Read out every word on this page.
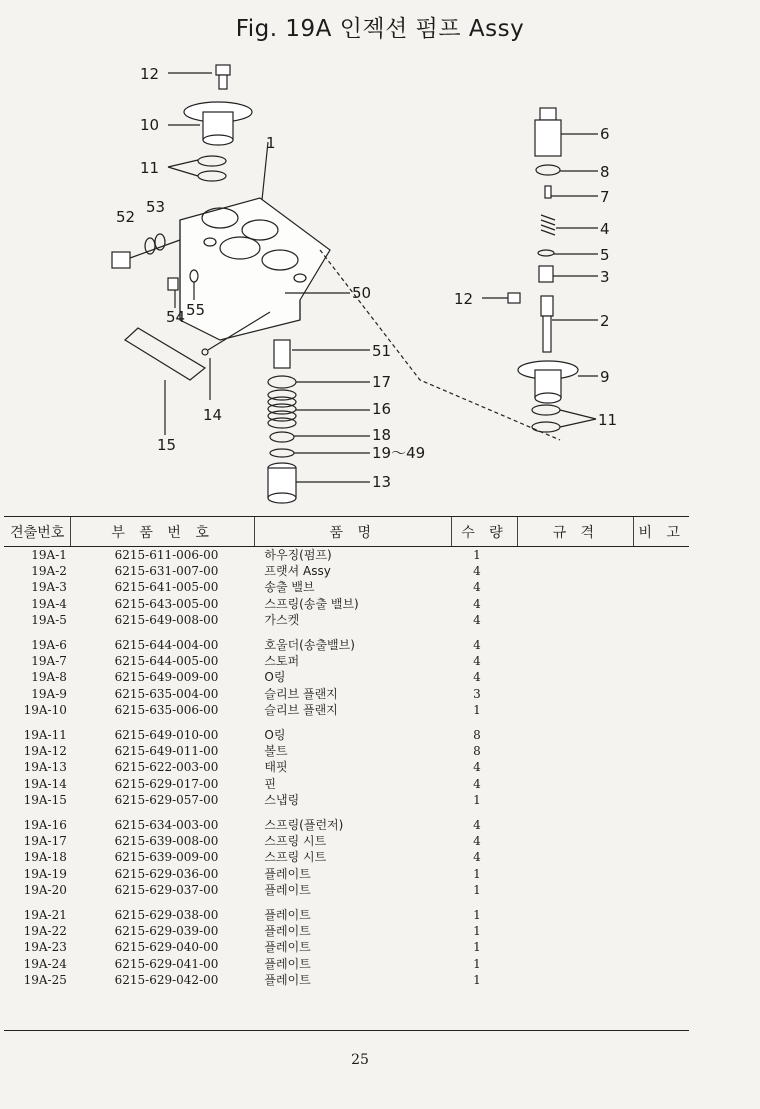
Fig. 19A 인젝션 펌프 Assy
12
10
11
1
52
53
54 55
50
51
17
16
18
19～49
13
14
15
6
8
7
4
5
3
12
2
9
11
견출번호	부 품 번 호	품 명	수 량	규 격	비 고
19A-1	6215-611-006-00	하우징(펌프)	1		
19A-2	6215-631-007-00	프랫셔 Assy	4		
19A-3	6215-641-005-00	송출 밸브	4		
19A-4	6215-643-005-00	스프링(송출 밸브)	4		
19A-5	6215-649-008-00	가스켓	4		
19A-6	6215-644-004-00	호울더(송출밸브)	4		
19A-7	6215-644-005-00	스토퍼	4		
19A-8	6215-649-009-00	O링	4		
19A-9	6215-635-004-00	슬리브 플랜지	3		
19A-10	6215-635-006-00	슬리브 플랜지	1		
19A-11	6215-649-010-00	O링	8		
19A-12	6215-649-011-00	볼트	8		
19A-13	6215-622-003-00	태핏	4		
19A-14	6215-629-017-00	핀	4		
19A-15	6215-629-057-00	스냅링	1		
19A-16	6215-634-003-00	스프링(플런저)	4		
19A-17	6215-639-008-00	스프링 시트	4		
19A-18	6215-639-009-00	스프링 시트	4		
19A-19	6215-629-036-00	플레이트	1		
19A-20	6215-629-037-00	플레이트	1		
19A-21	6215-629-038-00	플레이트	1		
19A-22	6215-629-039-00	플레이트	1		
19A-23	6215-629-040-00	플레이트	1		
19A-24	6215-629-041-00	플레이트	1		
19A-25	6215-629-042-00	플레이트	1		
25
